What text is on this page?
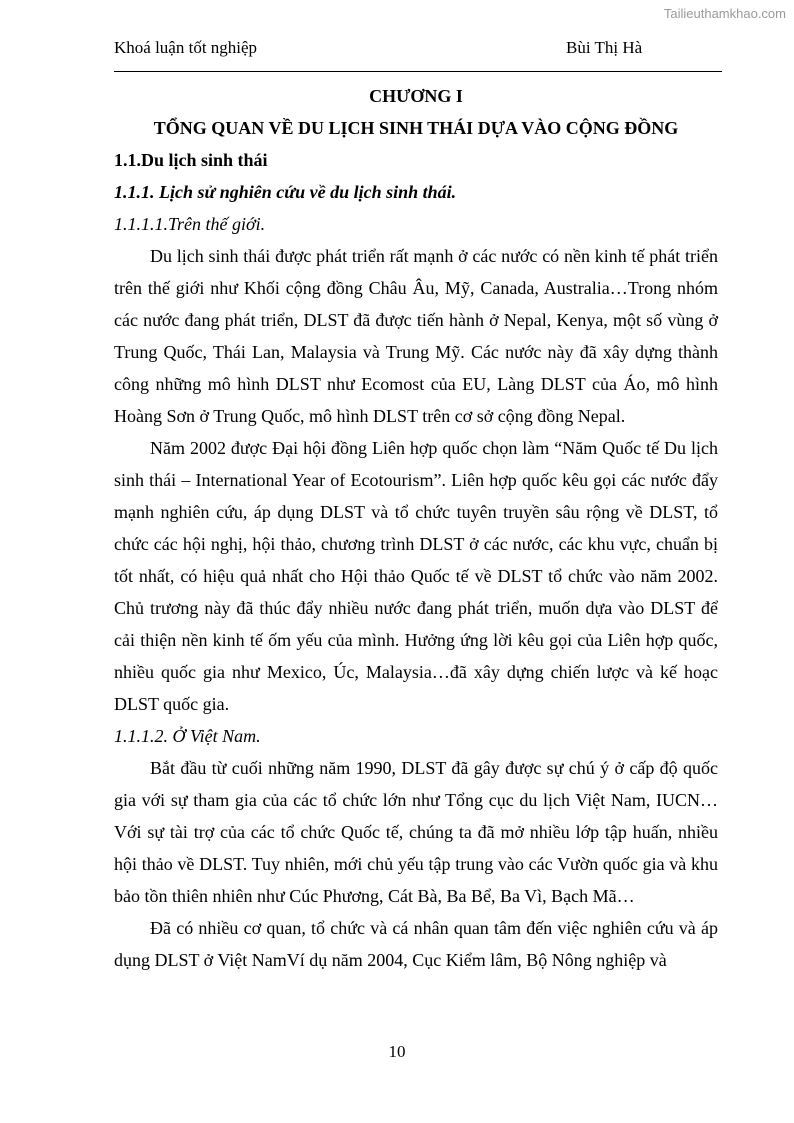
Tailieuthamkhao.com
Khoá luận tốt nghiệp	Bùi Thị Hà

CHƯƠNG I

TỔNG QUAN VỀ DU LỊCH SINH THÁI DỰA VÀO CỘNG ĐỒNG

1.1.Du lịch sinh thái

1.1.1. Lịch sử nghiên cứu về du lịch sinh thái.

1.1.1.1.Trên thế giới.

Du lịch sinh thái được phát triển rất mạnh ở các nước có nền kinh tế phát triển trên thế giới như Khối cộng đồng Châu Âu, Mỹ, Canada, Australia…Trong nhóm các nước đang phát triển, DLST đã được tiến hành ở Nepal, Kenya, một số vùng ở Trung Quốc, Thái Lan, Malaysia và Trung Mỹ. Các nước này đã xây dựng thành công những mô hình DLST như Ecomost của EU, Làng DLST của Áo, mô hình Hoàng Sơn ở Trung Quốc, mô hình DLST trên cơ sở cộng đồng Nepal.

Năm 2002 được Đại hội đồng Liên hợp quốc chọn làm “Năm Quốc tế Du lịch sinh thái – International Year of Ecotourism”. Liên hợp quốc kêu gọi các nước đẩy mạnh nghiên cứu, áp dụng DLST và tổ chức tuyên truyền sâu rộng về DLST, tổ chức các hội nghị, hội thảo, chương trình DLST ở các nước, các khu vực, chuẩn bị tốt nhất, có hiệu quả nhất cho Hội thảo Quốc tế về DLST tổ chức vào năm 2002. Chủ trương này đã thúc đẩy nhiều nước đang phát triển, muốn dựa vào DLST để cải thiện nền kinh tế ốm yếu của mình. Hưởng ứng lời kêu gọi của Liên hợp quốc, nhiều quốc gia như Mexico, Úc, Malaysia…đã xây dựng chiến lược và kế hoạc DLST quốc gia.

1.1.1.2. Ở Việt Nam.

Bắt đầu từ cuối những năm 1990, DLST đã gây được sự chú ý ở cấp độ quốc gia với sự tham gia của các tổ chức lớn như Tổng cục du lịch Việt Nam, IUCN…Với sự tài trợ của các tổ chức Quốc tế, chúng ta đã mở nhiều lớp tập huấn, nhiều hội thảo về DLST. Tuy nhiên, mới chủ yếu tập trung vào các Vườn quốc gia và khu bảo tồn thiên nhiên như Cúc Phương, Cát Bà, Ba Bể, Ba Vì, Bạch Mã…

Đã có nhiều cơ quan, tổ chức và cá nhân quan tâm đến việc nghiên cứu và áp dụng DLST ở Việt NamVí dụ năm 2004, Cục Kiểm lâm, Bộ Nông nghiệp và

10
